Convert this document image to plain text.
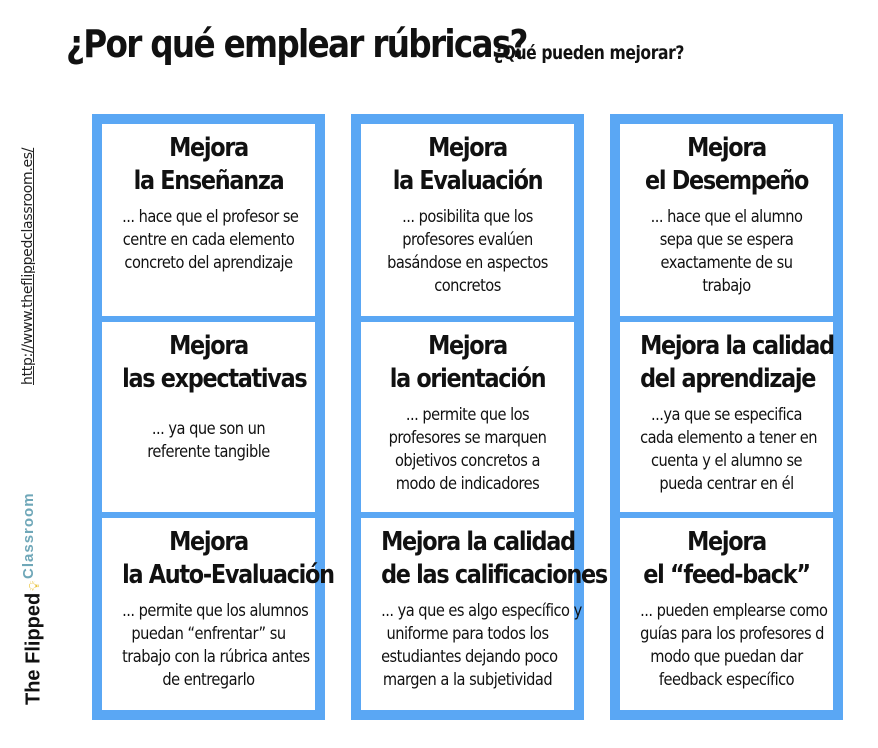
¿Por qué emplear rúbricas?
¿Qué pueden mejorar?
http://www.theflippedclassroom.es/
The Flipped💡︎Classroom
Mejora
la Enseñanza
... hace que el profesor se
centre en cada elemento
concreto del aprendizaje
Mejora
las expectativas
... ya que son un
referente tangible
Mejora
la Auto-Evaluación
... permite que los alumnos
puedan “enfrentar” su
trabajo con la rúbrica antes
de entregarlo
Mejora
la Evaluación
... posibilita que los
profesores evalúen
basándose en aspectos
concretos
Mejora
la orientación
... permite que los
profesores se marquen
objetivos concretos a
modo de indicadores
Mejora la calidad
de las calificaciones
... ya que es algo específico y
uniforme para todos los
estudiantes dejando poco
margen a la subjetividad
Mejora
el Desempeño
... hace que el alumno
sepa que se espera
exactamente de su
trabajo
Mejora la calidad
del aprendizaje
...ya que se especifica
cada elemento a tener en
cuenta y el alumno se
pueda centrar en él
Mejora
el “feed-back”
... pueden emplearse como
guías para los profesores d
modo que puedan dar
feedback específico
